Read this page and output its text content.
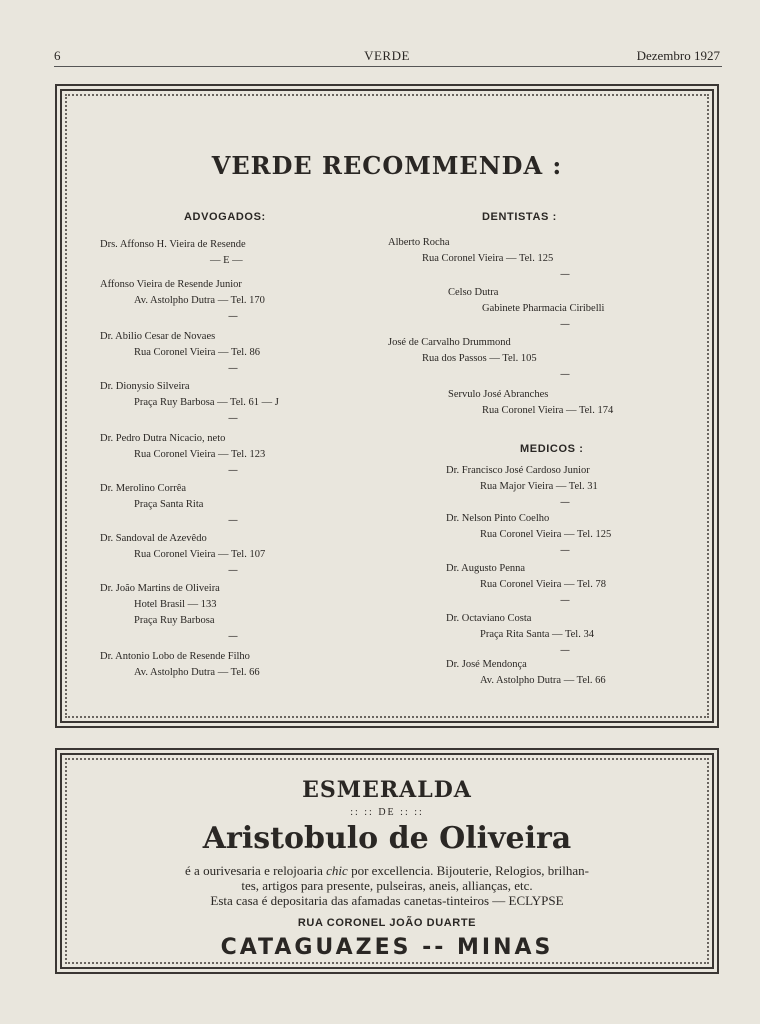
6	VERDE	Dezembro 1927
VERDE RECOMMENDA :
ADVOGADOS:	DENTISTAS :
Drs. Affonso H. Vieira de Resende
— E —
Affonso Vieira de Resende Junior
Av. Astolpho Dutra — Tel. 170
—
Dr. Abilio Cesar de Novaes
Rua Coronel Vieira — Tel. 86
—
Dr. Dionysio Silveira
Praça Ruy Barbosa — Tel. 61 — J
—
Dr. Pedro Dutra Nicacio, neto
Rua Coronel Vieira — Tel. 123
—
Dr. Merolino Corrêa
Praça Santa Rita
—
Dr. Sandoval de Azevêdo
Rua Coronel Vieira — Tel. 107
—
Dr. João Martins de Oliveira
Hotel Brasil — 133
Praça Ruy Barbosa
—
Dr. Antonio Lobo de Resende Filho
Av. Astolpho Dutra — Tel. 66
Alberto Rocha
Rua Coronel Vieira — Tel. 125
—
Celso Dutra
Gabinete Pharmacia Ciribelli
—
José de Carvalho Drummond
Rua dos Passos — Tel. 105
—
Servulo José Abranches
Rua Coronel Vieira — Tel. 174
MEDICOS :
Dr. Francisco José Cardoso Junior
Rua Major Vieira — Tel. 31
—
Dr. Nelson Pinto Coelho
Rua Coronel Vieira — Tel. 125
—
Dr. Augusto Penna
Rua Coronel Vieira — Tel. 78
—
Dr. Octaviano Costa
Praça Rita Santa — Tel. 34
—
Dr. José Mendonça
Av. Astolpho Dutra — Tel. 66
ESMERALDA
:: :: DE :: ::
Aristobulo de Oliveira
é a ourivesaria e relojoaria chic por excellencia. Bijouterie, Relogios, brilhan-
tes, artigos para presente, pulseiras, aneis, allianças, etc.
Esta casa é depositaria das afamadas canetas-tinteiros — ECLYPSE
RUA CORONEL JOÃO DUARTE
CATAGUAZES -- MINAS
